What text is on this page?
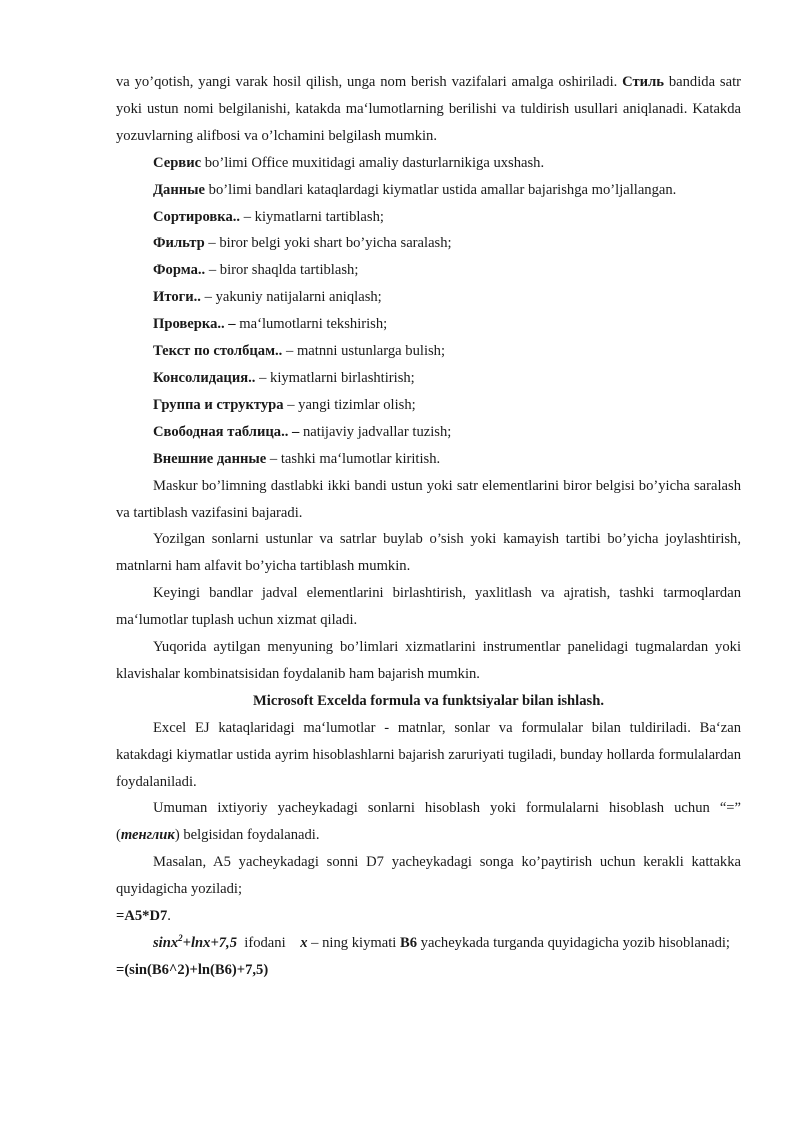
va yo’qotish, yangi varak hosil qilish, unga nom berish vazifalari amalga oshiriladi. Стиль bandida satr yoki ustun nomi belgilanishi, katakda ma‘lumotlarning berilishi va tuldirish usullari aniqlanadi. Katakda yozuvlarning alifbosi va o’lchamini belgilash mumkin.

Сервис bo’limi Office muxitidagi amaliy dasturlarnikiga uxshash.

Данные bo’limi bandlari kataqlardagi kiymatlar ustida amallar bajarishga mo’ljallangan.

Сортировка.. – kiymatlarni tartiblash;

Фильтр – biror belgi yoki shart bo’yicha saralash;

Форма.. – biror shaqlda tartiblash;

Итоги.. – yakuniy natijalarni aniqlash;

Проверка.. – ma‘lumotlarni tekshirish;

Текст по столбцам.. – matnni ustunlarga bulish;

Консолидация.. – kiymatlarni birlashtirish;

Группа и структура – yangi tizimlar olish;

Свободная таблица.. – natijaviy jadvallar tuzish;

Внешние данные – tashki ma‘lumotlar kiritish.

Maskur bo’limning dastlabki ikki bandi ustun yoki satr elementlarini biror belgisi bo’yicha saralash va tartiblash vazifasini bajaradi.

Yozilgan sonlarni ustunlar va satrlar buylab o’sish yoki kamayish tartibi bo’yicha joylashtirish, matnlarni ham alfavit bo’yicha tartiblash mumkin.

Keyingi bandlar jadval elementlarini birlashtirish, yaxlitlash va ajratish, tashki tarmoqlardan ma‘lumotlar tuplash uchun xizmat qiladi.

Yuqorida aytilgan menyuning bo’limlari xizmatlarini instrumentlar panelidagi tugmalardan yoki klavishalar kombinatsisidan foydalanib ham bajarish mumkin.

Microsoft Excelda formula va funktsiyalar bilan ishlash.

Excel EJ kataqlaridagi ma‘lumotlar - matnlar, sonlar va formulalar bilan tuldiriladi. Ba‘zan katakdagi kiymatlar ustida ayrim hisoblashlarni bajarish zaruriyati tugiladi, bunday hollarda formulalardan foydalaniladi.

Umuman ixtiyoriy yacheykadagi sonlarni hisoblash yoki formulalarni hisoblash uchun “=” (тенглик) belgisidan foydalanadi.

Masalan, A5 yacheykadagi sonni D7 yacheykadagi songa ko’paytirish uchun kerakli kattakka quyidagicha yoziladi;

=A5*D7.

sinx$^2$+lnx+7,5  ifodani    x – ning kiymati B6 yacheykada turganda quyidagicha yozib hisoblanadi;

=(sin(B6^2)+ln(B6)+7,5)
